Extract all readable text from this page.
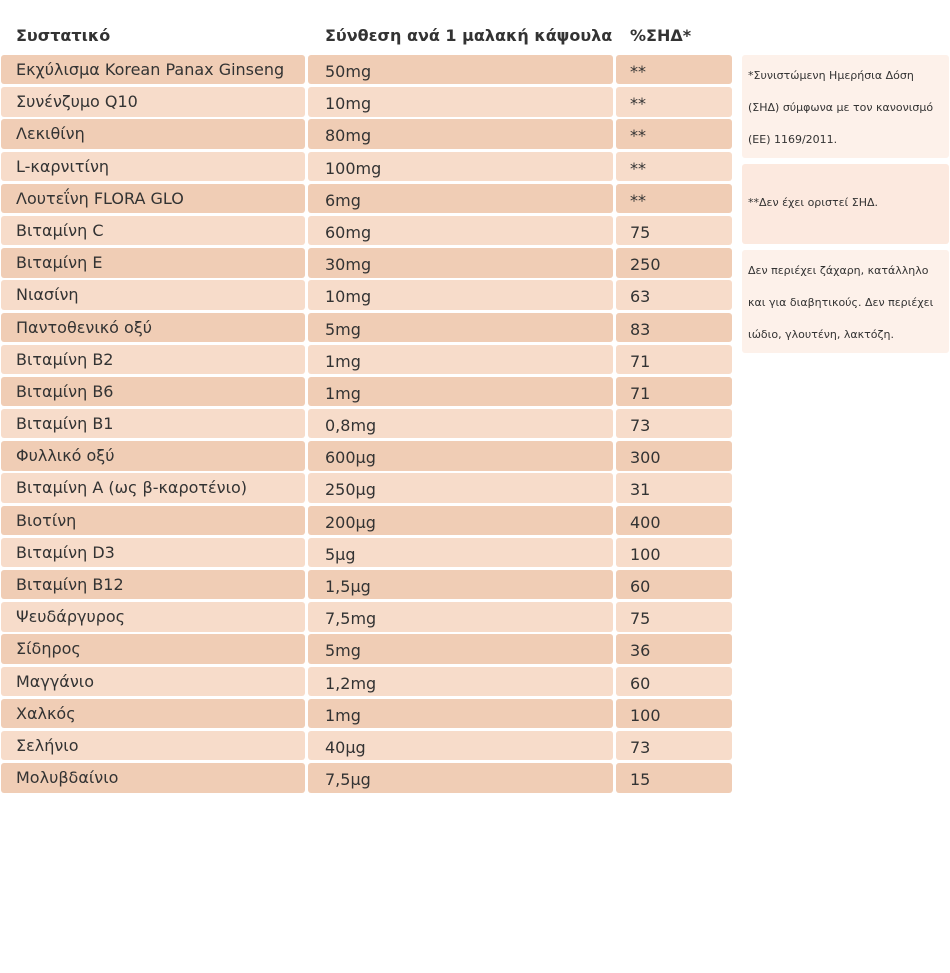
Συστατικό	Σύνθεση ανά 1 μαλακή κάψουλα %ΣΗΔ*
Εκχύλισμα Korean Panax Ginseng	50mg	**
Συνένζυμο Q10	10mg	**
Λεκιθίνη	80mg	**
L-καρνιτίνη	100mg	**
Λουτεΐνη FLORA GLO	6mg	**
Βιταμίνη C	60mg	75
Βιταμίνη E	30mg	250
Νιασίνη	10mg	63
Παντοθενικό οξύ	5mg	83
Βιταμίνη B2	1mg	71
Βιταμίνη B6	1mg	71
Βιταμίνη B1	0,8mg	73
Φυλλικό οξύ	600μg	300
Βιταμίνη A (ως β-καροτένιο)	250μg	31
Βιοτίνη	200μg	400
Βιταμίνη D3	5μg	100
Βιταμίνη B12	1,5μg	60
Ψευδάργυρος	7,5mg	75
Σίδηρος	5mg	36
Μαγγάνιο	1,2mg	60
Χαλκός	1mg	100
Σελήνιο	40μg	73
Μολυβδαίνιο	7,5μg	15
*Συνιστώμενη Ημερήσια Δόση (ΣΗΔ) σύμφωνα με τον κανονισμό (ΕΕ) 1169/2011.
**Δεν έχει οριστεί ΣΗΔ.
Δεν περιέχει ζάχαρη, κατάλληλο και για διαβητικούς. Δεν περιέχει ιώδιο, γλουτένη, λακτόζη.
